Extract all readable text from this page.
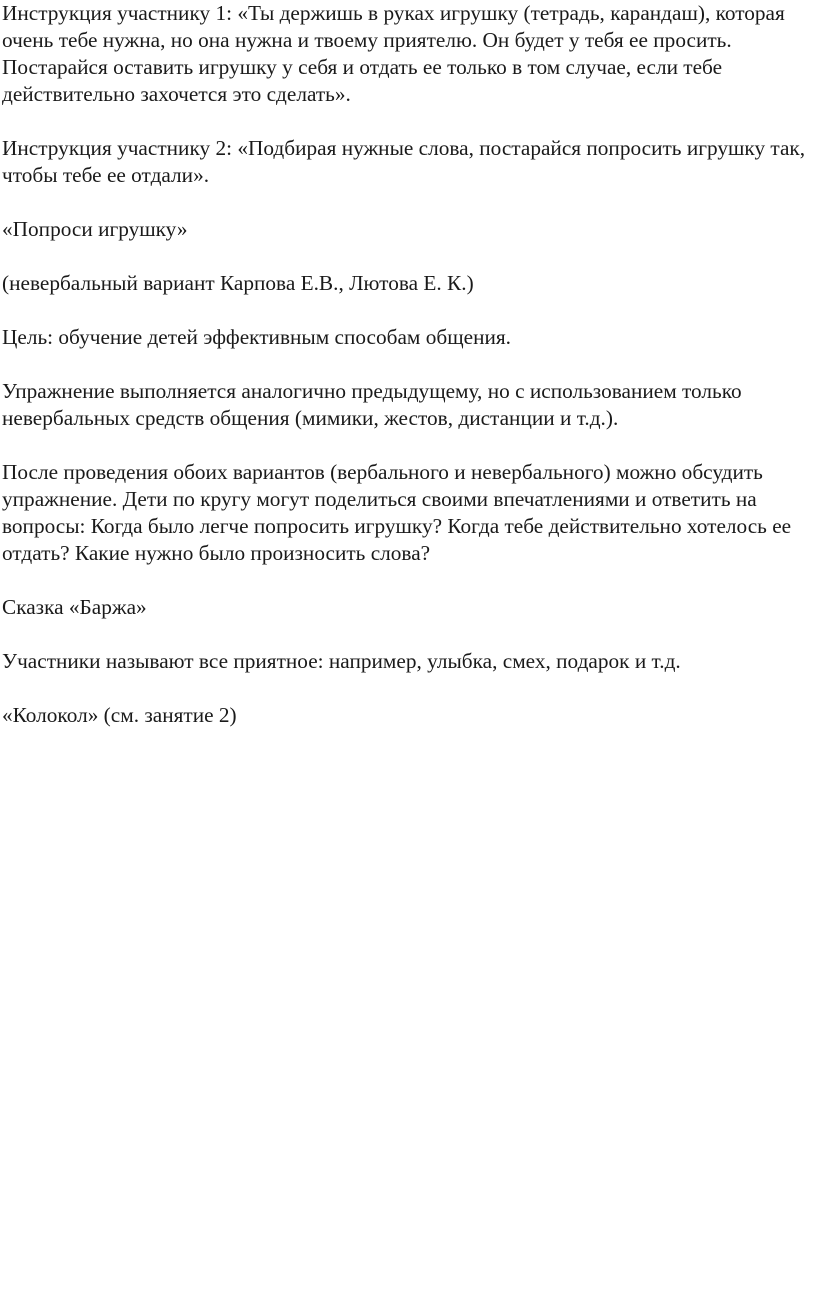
Инструкция участнику 1: «Ты держишь в руках игрушку (тетрадь, карандаш), которая очень тебе нужна, но она нужна и твоему приятелю. Он будет у тебя ее просить. Постарайся оставить игрушку у себя и отдать ее только в том случае, если тебе действительно захочется это сделать».

Инструкция участнику 2: «Подбирая нужные слова, постарайся попросить игрушку так, чтобы тебе ее отдали».

«Попроси игрушку»

(невербальный вариант Карпова Е.В., Лютова Е. К.)

Цель: обучение детей эффективным способам общения.

Упражнение выполняется аналогично предыдущему, но с использованием только невербальных средств общения (мимики, жестов, дистанции и т.д.).

После проведения обоих вариантов (вербального и невербального) можно обсудить упражнение. Дети по кругу могут поделиться своими впечатлениями и ответить на вопросы: Когда было легче попросить игрушку? Когда тебе действительно хотелось ее отдать? Какие нужно было произносить слова?

Сказка «Баржа»

Участники называют все приятное: например, улыбка, смех, подарок и т.д.

«Колокол» (см. занятие 2)
